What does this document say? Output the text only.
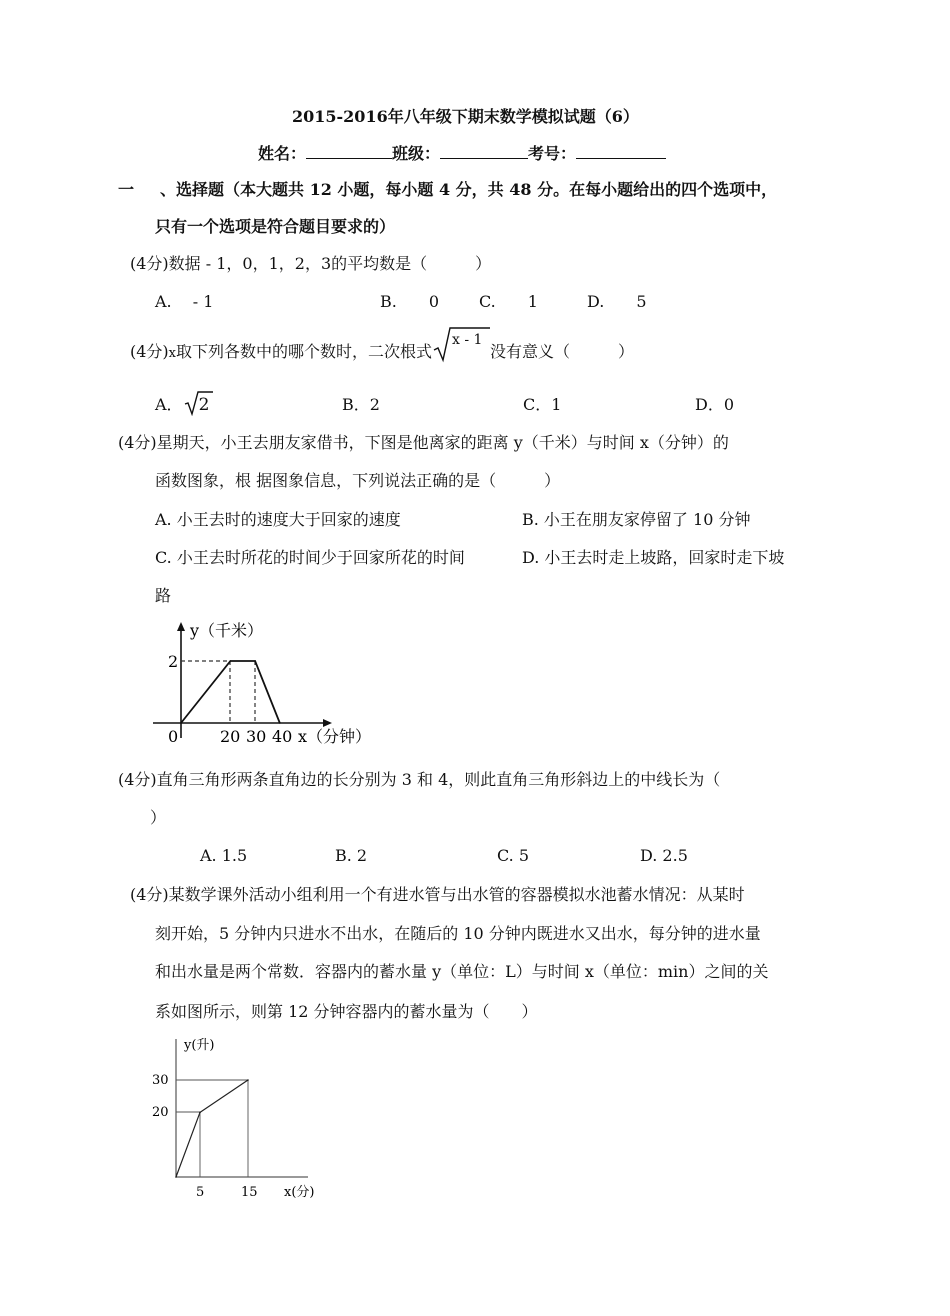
2015-2016年八年级下期末数学模拟试题（6）
姓名：	班级：	考号：
一 、选择题（本大题共 12 小题，每小题 4 分，共 48 分。在每小题给出的四个选项中，
只有一个选项是符合题目要求的）
(4分)数据 - 1，0，1，2，3的平均数是（　　　）
A.　 - 1	B.　　0 C.　　1	D.　　5
(4分)x取下列各数中的哪个数时，二次根式
x - 1
没有意义（　　　）
A． 2	B．2	C．1	D．0
(4分)星期天，小王去朋友家借书，下图是他离家的距离 y（千米）与时间 x（分钟）的
函数图象，根 据图象信息，下列说法正确的是（　　　）
A. 小王去时的速度大于回家的速度	B. 小王在朋友家停留了 10 分钟
C. 小王去时所花的时间少于回家所花的时间	D. 小王去时走上坡路，回家时走下坡
路
y（千米）
2
0	20 30 40 x（分钟）
(4分)直角三角形两条直角边的长分别为 3 和 4，则此直角三角形斜边上的中线长为（
）
A. 1.5	B. 2	C. 5	D. 2.5
(4分)某数学课外活动小组利用一个有进水管与出水管的容器模拟水池蓄水情况：从某时
刻开始，5 分钟内只进水不出水，在随后的 10 分钟内既进水又出水，每分钟的进水量
和出水量是两个常数．容器内的蓄水量 y（单位：L）与时间 x（单位：min）之间的关
系如图所示，则第 12 分钟容器内的蓄水量为（　　）
y(升)
30
20
5	15 x(分)
